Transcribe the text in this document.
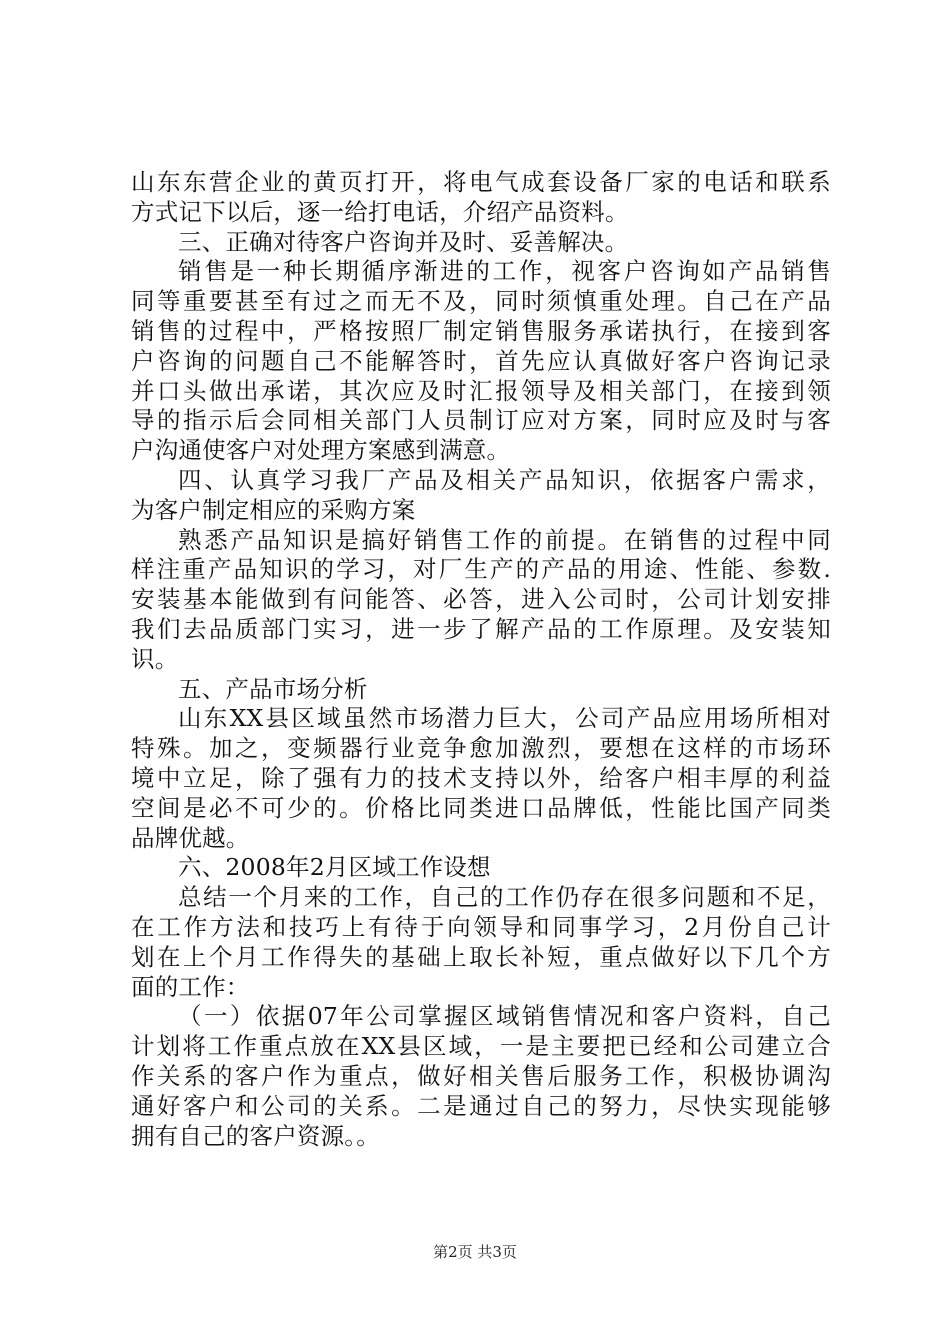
山东东营企业的黄页打开，将电气成套设备厂家的电话和联系
方式记下以后，逐一给打电话，介绍产品资料。
三、正确对待客户咨询并及时、妥善解决。
销售是一种长期循序渐进的工作，视客户咨询如产品销售
同等重要甚至有过之而无不及，同时须慎重处理。自己在产品
销售的过程中，严格按照厂制定销售服务承诺执行，在接到客
户咨询的问题自己不能解答时，首先应认真做好客户咨询记录
并口头做出承诺，其次应及时汇报领导及相关部门，在接到领
导的指示后会同相关部门人员制订应对方案，同时应及时与客
户沟通使客户对处理方案感到满意。
四、认真学习我厂产品及相关产品知识，依据客户需求，
为客户制定相应的采购方案
熟悉产品知识是搞好销售工作的前提。在销售的过程中同
样注重产品知识的学习，对厂生产的产品的用途、性能、参数.
安装基本能做到有问能答、必答，进入公司时，公司计划安排
我们去品质部门实习，进一步了解产品的工作原理。及安装知
识。
五、产品市场分析
山东XX县区域虽然市场潜力巨大，公司产品应用场所相对
特殊。加之，变频器行业竞争愈加激烈，要想在这样的市场环
境中立足，除了强有力的技术支持以外，给客户相丰厚的利益
空间是必不可少的。价格比同类进口品牌低，性能比国产同类
品牌优越。
六、2008年2月区域工作设想
总结一个月来的工作，自己的工作仍存在很多问题和不足，
在工作方法和技巧上有待于向领导和同事学习，2月份自己计
划在上个月工作得失的基础上取长补短，重点做好以下几个方
面的工作：
（一）依据07年公司掌握区域销售情况和客户资料，自己
计划将工作重点放在XX县区域，一是主要把已经和公司建立合
作关系的客户作为重点，做好相关售后服务工作，积极协调沟
通好客户和公司的关系。二是通过自己的努力，尽快实现能够
拥有自己的客户资源。。
第2页 共3页
